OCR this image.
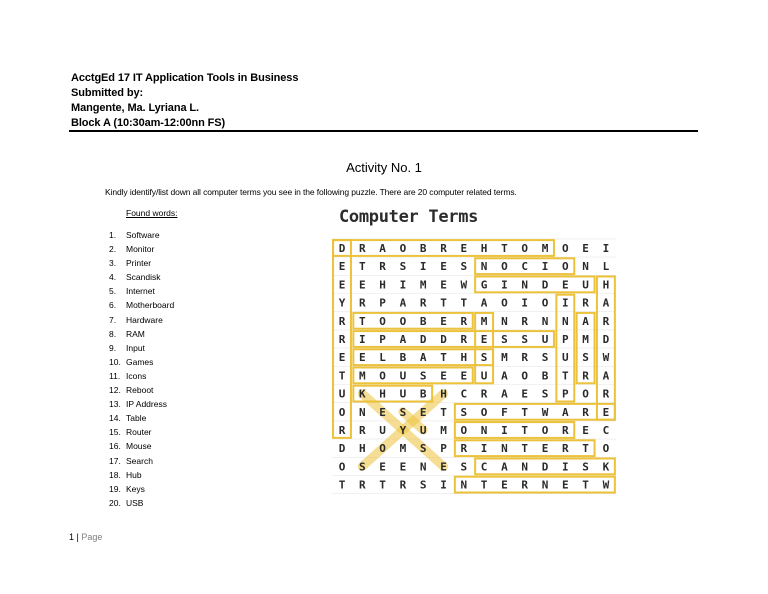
AcctgEd 17 IT Application Tools in Business
Submitted by:
Mangente, Ma. Lyriana L.
Block A (10:30am-12:00nn FS)
Activity No. 1
Kindly identify/list down all computer terms you see in the following puzzle. There are 20 computer related terms.
Found words:
1. Software
2. Monitor
3. Printer
4. Scandisk
5. Internet
6. Motherboard
7. Hardware
8. RAM
9. Input
10. Games
11. Icons
12. Reboot
13. IP Address
14. Table
15. Router
16. Mouse
17. Search
18. Hub
19. Keys
20. USB
Computer Terms
D R A O B R E H T O M O E I
E T R S I E S N O C I O N L
E E H I M E W G I N D E U H
Y R P A R T T A O I O I R A
R T O O B E R M N R N N A R
R I P A D D R E S S U P M D
E E L B A T H S M R S U S W
T M O U S E E U A O B T R A
U K H U B H C R A E S P O R
O N E S E T S O F T W A R E
R R U Y U M O N I T O R E C
D H O M S P R I N T E R T O
O S E E N E S C A N D I S K
T R T R S I N T E R N E T W
1 | Page
